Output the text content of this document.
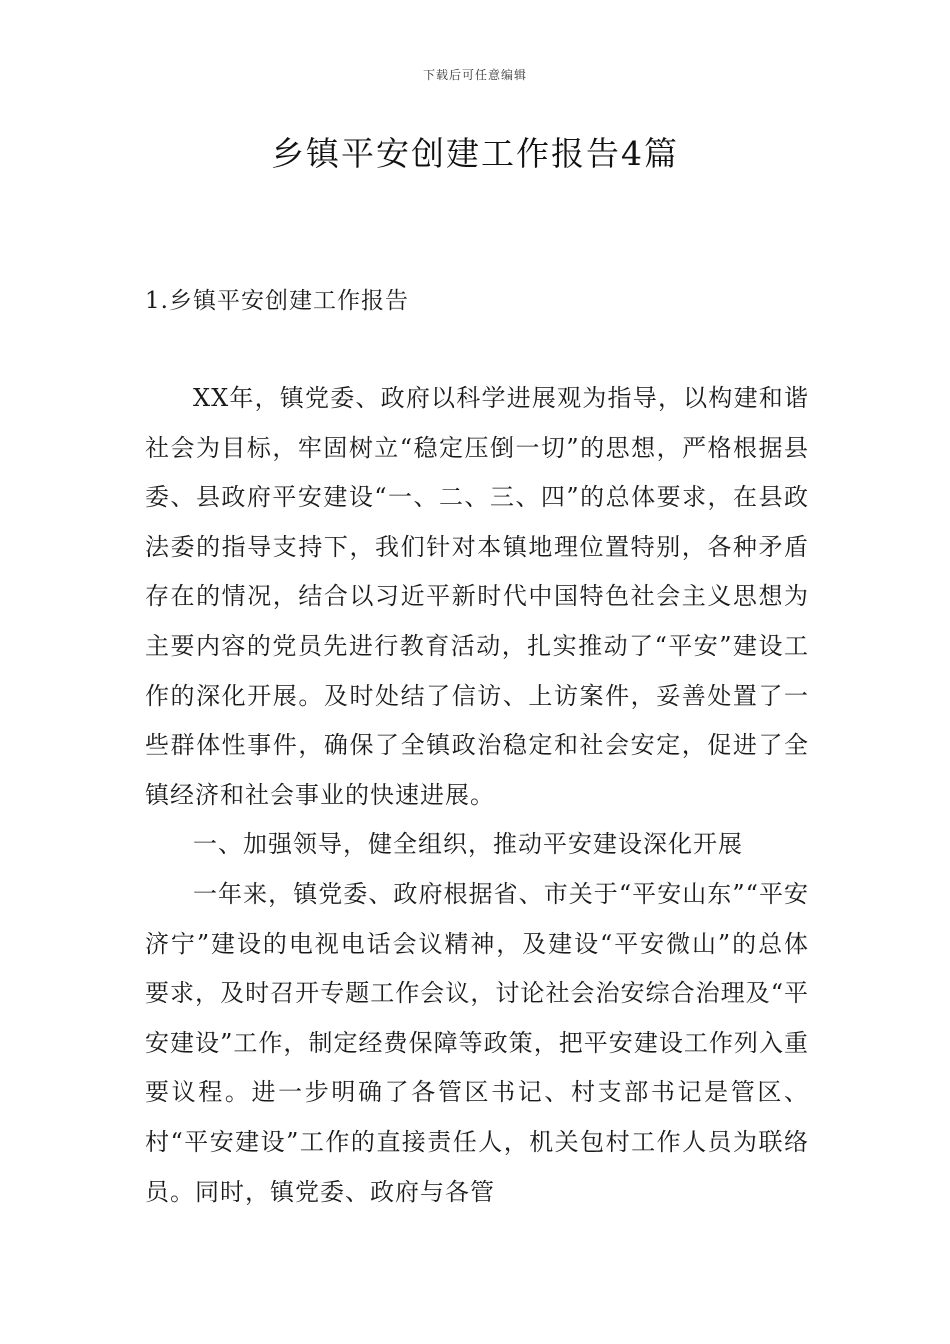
下载后可任意编辑
乡镇平安创建工作报告4篇
1.乡镇平安创建工作报告

XX年，镇党委、政府以科学进展观为指导，以构建和谐社会为目标，牢固树立“稳定压倒一切”的思想，严格根据县委、县政府平安建设“一、二、三、四”的总体要求，在县政法委的指导支持下，我们针对本镇地理位置特别，各种矛盾存在的情况，结合以习近平新时代中国特色社会主义思想为主要内容的党员先进行教育活动，扎实推动了“平安”建设工作的深化开展。及时处结了信访、上访案件，妥善处置了一些群体性事件，确保了全镇政治稳定和社会安定，促进了全镇经济和社会事业的快速进展。

一、加强领导，健全组织，推动平安建设深化开展

一年来，镇党委、政府根据省、市关于“平安山东”“平安济宁”建设的电视电话会议精神，及建设“平安微山”的总体要求，及时召开专题工作会议，讨论社会治安综合治理及“平安建设”工作，制定经费保障等政策，把平安建设工作列入重要议程。进一步明确了各管区书记、村支部书记是管区、村“平安建设”工作的直接责任人，机关包村工作人员为联络员。同时，镇党委、政府与各管
